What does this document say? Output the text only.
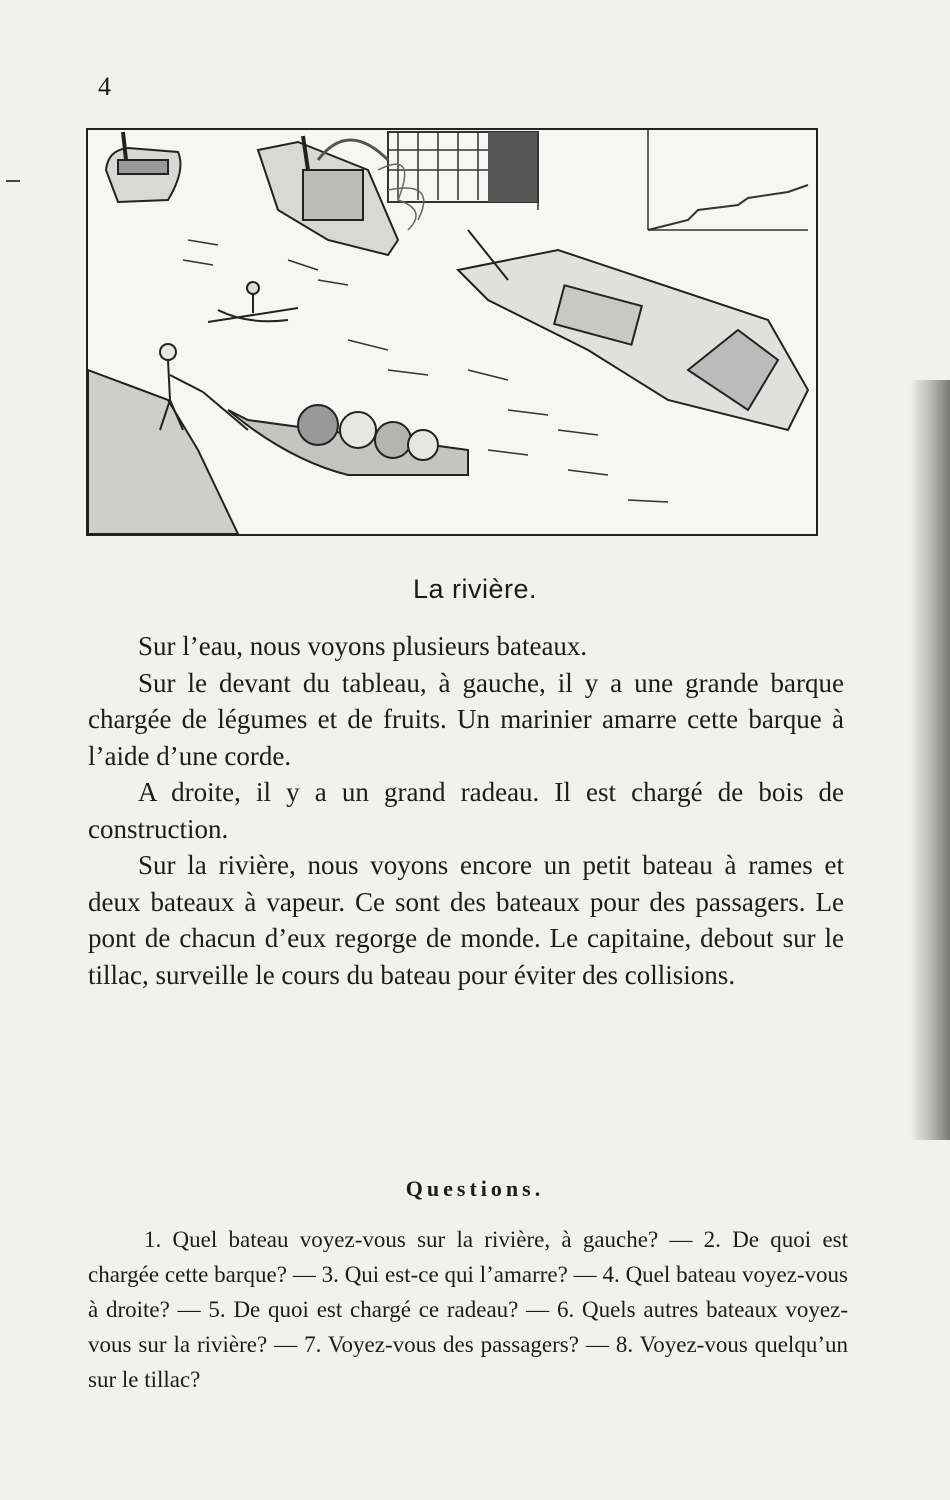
4
La rivière.

Sur l’eau, nous voyons plusieurs bateaux.

Sur le devant du tableau, à gauche, il y a une grande barque chargée de légumes et de fruits. Un marinier amarre cette barque à l’aide d’une corde.

A droite, il y a un grand radeau. Il est chargé de bois de construction.

Sur la rivière, nous voyons encore un petit bateau à rames et deux bateaux à vapeur. Ce sont des bateaux pour des passagers. Le pont de chacun d’eux regorge de monde. Le capitaine, debout sur le tillac, surveille le cours du bateau pour éviter des collisions.

Questions.
1. Quel bateau voyez-vous sur la rivière, à gauche? — 2. De quoi est chargée cette barque? — 3. Qui est-ce qui l’amarre? — 4. Quel bateau voyez-vous à droite? — 5. De quoi est chargé ce radeau? — 6. Quels autres bateaux voyez-vous sur la rivière? — 7. Voyez-vous des passagers? — 8. Voyez-vous quelqu’un sur le tillac?
